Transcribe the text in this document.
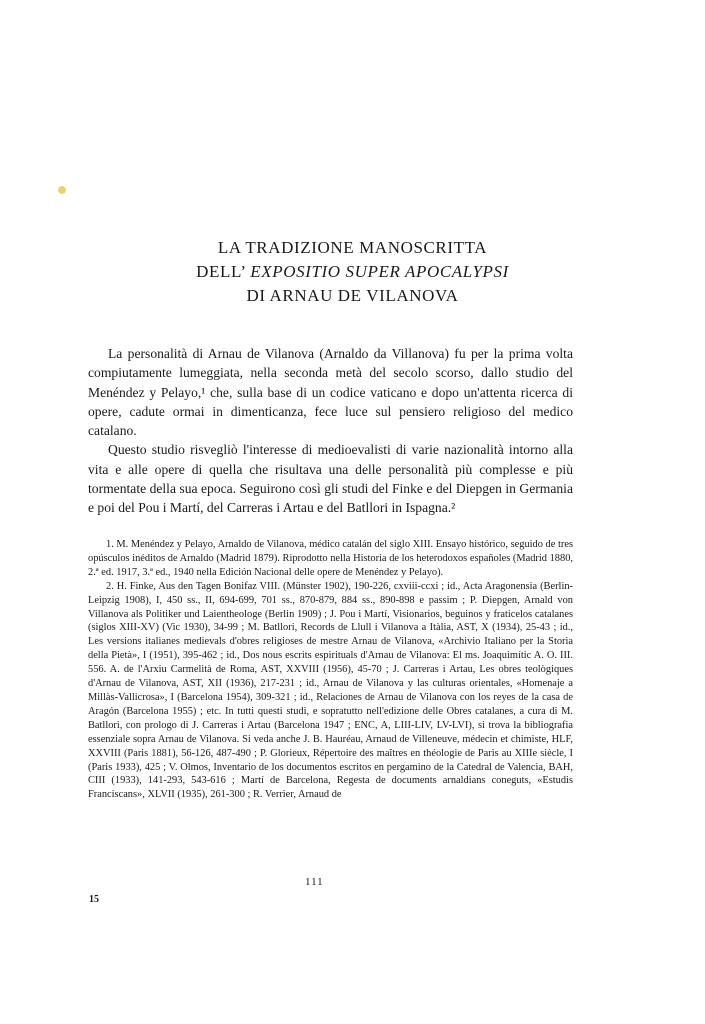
LA TRADIZIONE MANOSCRITTA
DELL’ EXPOSITIO SUPER APOCALYPSI
DI ARNAU DE VILANOVA

La personalità di Arnau de Vilanova (Arnaldo da Villanova) fu per la prima volta compiutamente lumeggiata, nella seconda metà del secolo scorso, dallo studio del Menéndez y Pelayo,¹ che, sulla base di un codice vaticano e dopo un'attenta ricerca di opere, cadute ormai in dimenticanza, fece luce sul pensiero religioso del medico catalano.

Questo studio risvegliò l'interesse di medioevalisti di varie nazionalità intorno alla vita e alle opere di quella che risultava una delle personalità più complesse e più tormentate della sua epoca. Seguirono così gli studi del Finke e del Diepgen in Germania e poi del Pou i Martí, del Carreras i Artau e del Batllori in Ispagna.²

1. M. Menéndez y Pelayo, Arnaldo de Vilanova, médico catalán del siglo XIII. Ensayo histórico, seguido de tres opúsculos inéditos de Arnaldo (Madrid 1879). Riprodotto nella Historia de los heterodoxos españoles (Madrid 1880, 2.ª ed. 1917, 3.ª ed., 1940 nella Edición Nacional delle opere de Menéndez y Pelayo).

2. H. Finke, Aus den Tagen Bonifaz VIII. (Münster 1902), 190-226, cxviii-ccxi ; id., Acta Aragonensia (Berlin-Leipzig 1908), I, 450 ss., II, 694-699, 701 ss., 870-879, 884 ss., 890-898 e passim ; P. Diepgen, Arnald von Villanova als Politiker und Laientheologe (Berlin 1909) ; J. Pou i Martí, Visionarios, beguinos y fraticelos catalanes (siglos XIII-XV) (Vic 1930), 34-99 ; M. Batllori, Records de Llull i Vilanova a Itàlia, AST, X (1934), 25-43 ; id., Les versions italianes medievals d'obres religioses de mestre Arnau de Vilanova, «Archivio Italiano per la Storia della Pietà», I (1951), 395-462 ; id., Dos nous escrits espirituals d'Arnau de Vilanova: El ms. Joaquimític A. O. III. 556. A. de l'Arxiu Carmelità de Roma, AST, XXVIII (1956), 45-70 ; J. Carreras i Artau, Les obres teològiques d'Arnau de Vilanova, AST, XII (1936), 217-231 ; id., Arnau de Vilanova y las culturas orientales, «Homenaje a Millàs-Vallicrosa», I (Barcelona 1954), 309-321 ; id., Relaciones de Arnau de Vilanova con los reyes de la casa de Aragón (Barcelona 1955) ; etc. In tutti questi studi, e sopratutto nell'edizione delle Obres catalanes, a cura di M. Batllori, con prologo di J. Carreras i Artau (Barcelona 1947 ; ENC, A, LIII-LIV, LV-LVI), si trova la bibliografia essenziale sopra Arnau de Vilanova. Si veda anche J. B. Hauréau, Arnaud de Villeneuve, médecin et chimiste, HLF, XXVIII (Paris 1881), 56-126, 487-490 ; P. Glorieux, Répertoire des maîtres en théologie de Paris au XIIIe siècle, I (Paris 1933), 425 ; V. Olmos, Inventario de los documentos escritos en pergamino de la Catedral de Valencia, BAH, CIII (1933), 141-293, 543-616 ; Martí de Barcelona, Regesta de documents arnaldians coneguts, «Estudis Franciscans», XLVII (1935), 261-300 ; R. Verrier, Arnaud de

111
15
